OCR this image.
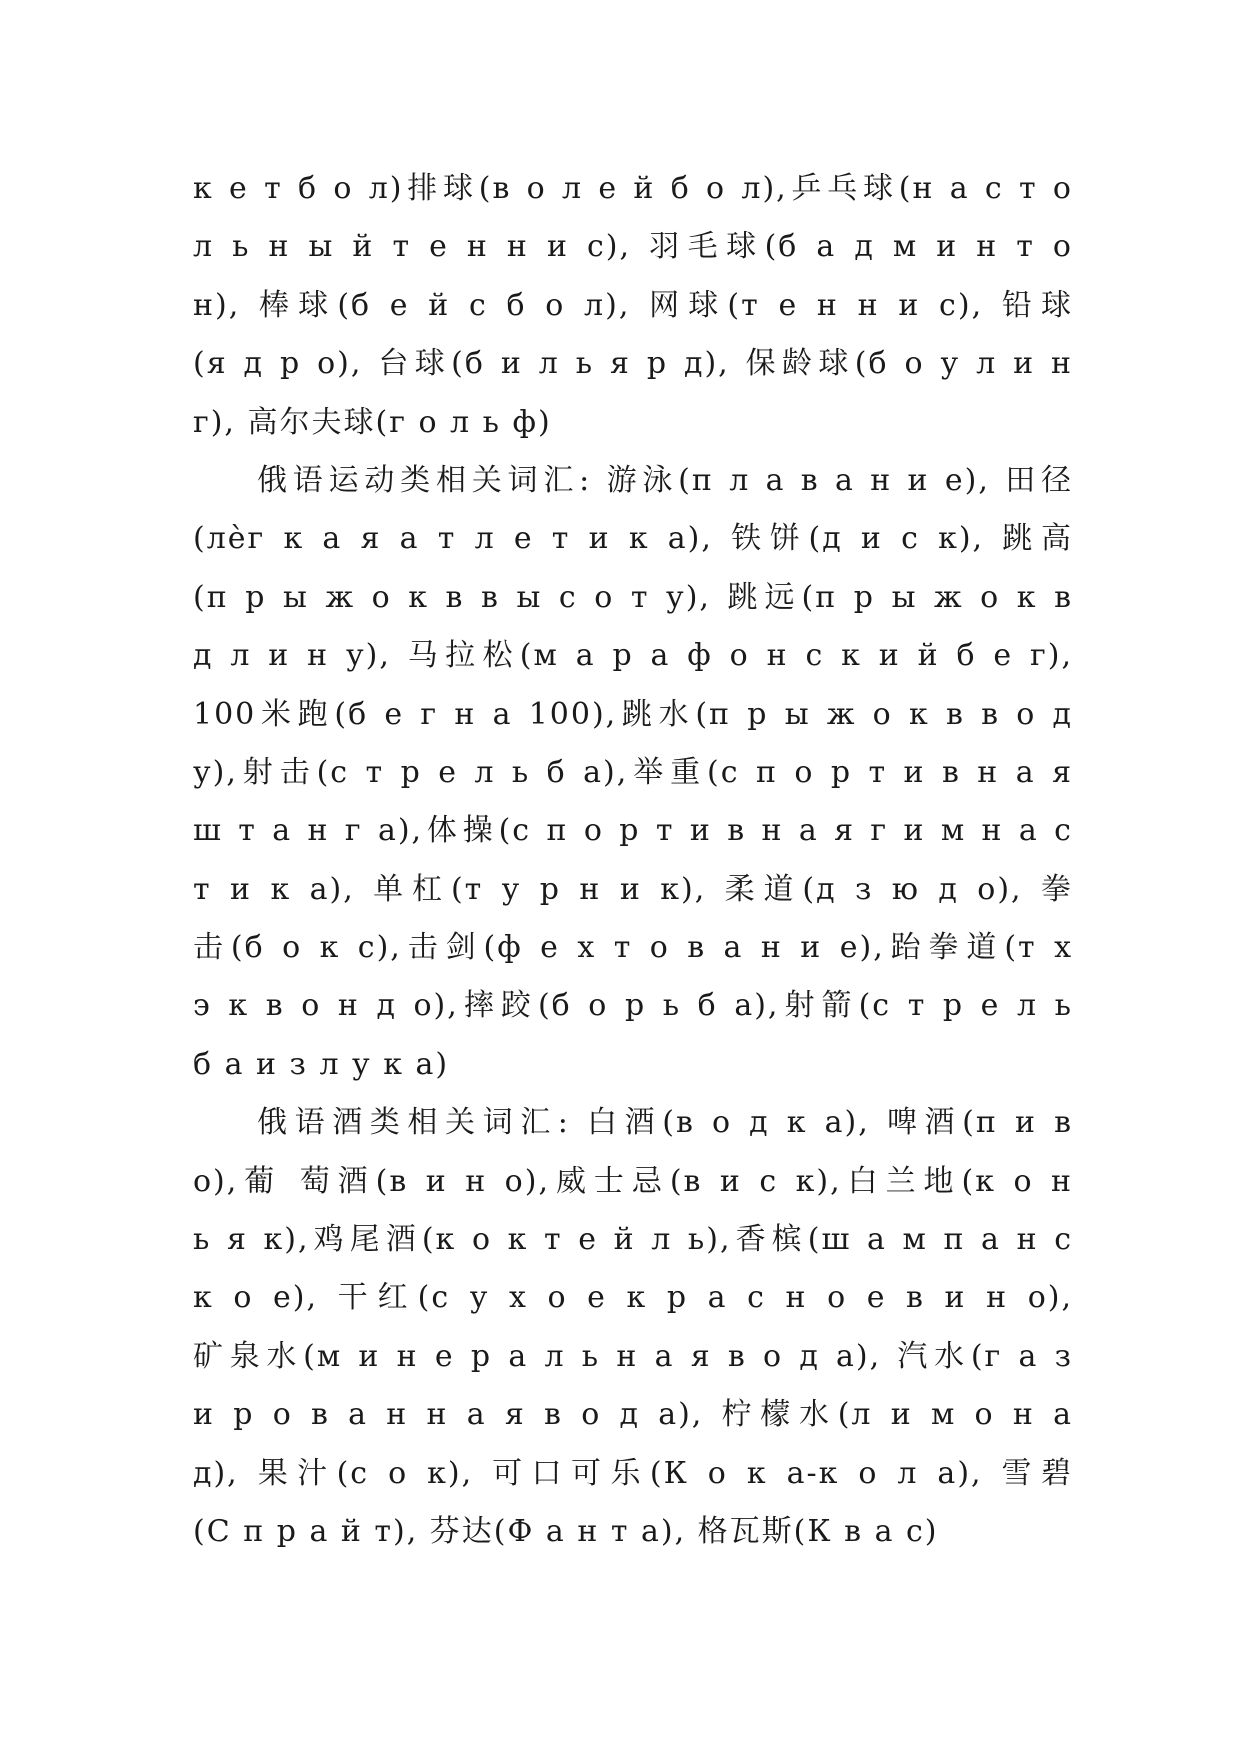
к е т б о л)排球(в о л е й б о л),乒乓球(н а с т о
л ь н ы й т е н н и с), 羽毛球(б а д м и н т о
н), 棒球(б е й с б о л), 网球(т е н н и с), 铅球
(я д р о), 台球(б и л ь я р д), 保龄球(б о у л и н
г), 高尔夫球(г о л ь ф)
俄语运动类相关词汇: 游泳(п л а в а н и е), 田径
(лѐг к а я а т л е т и к а), 铁饼(д и с к), 跳高
(п р ы ж о к в в ы с о т у), 跳远(п р ы ж о к в
д л и н у), 马拉松(м а р а ф о н с к и й б е г),
100米跑(б е г н а 100),跳水(п р ы ж о к в в о д
у),射击(с т р е л ь б а),举重(с п о р т и в н а я
ш т а н г а),体操(с п о р т и в н а я г и м н а с
т и к а), 单杠(т у р н и к), 柔道(д з ю д о), 拳
击(б о к с),击剑(ф е х т о в а н и е),跆拳道(т х
э к в о н д о),摔跤(б о р ь б а),射箭(с т р е л ь
б а и з л у к а)
俄语酒类相关词汇: 白酒(в о д к а), 啤酒(п и в
о),葡 萄酒(в и н о),威士忌(в и с к),白兰地(к о н
ь я к),鸡尾酒(к о к т е й л ь),香槟(ш а м п а н с
к о е), 干红(с у х о е к р а с н о е в и н о),
矿泉水(м и н е р а л ь н а я в о д а), 汽水(г а з
и р о в а н н а я в о д а), 柠檬水(л и м о н а
д), 果汁(с о к), 可口可乐(К о к а-к о л а), 雪碧
(С п р а й т), 芬达(Ф а н т а), 格瓦斯(К в а с)
